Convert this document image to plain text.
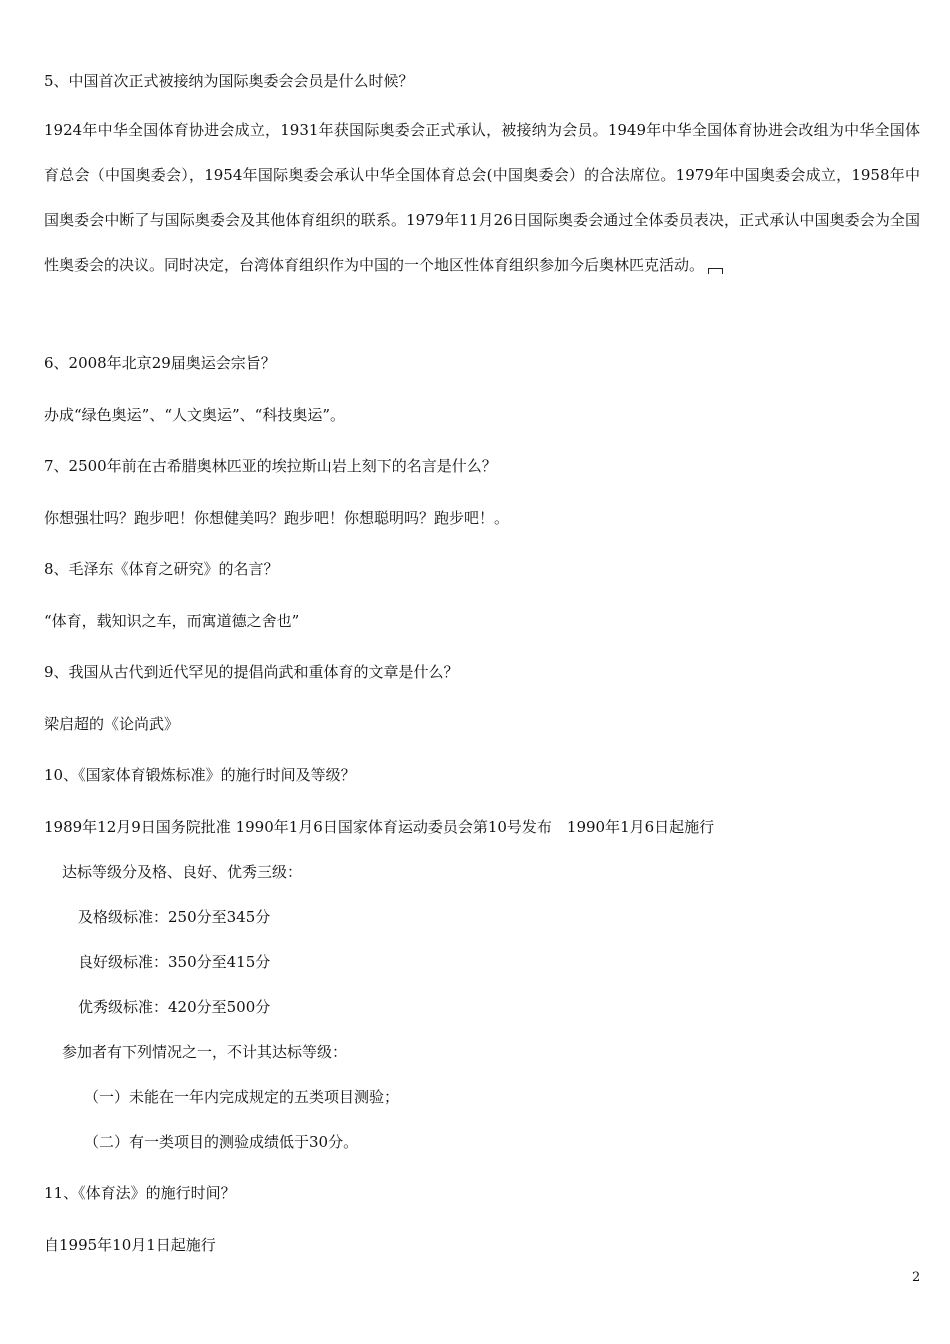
5、中国首次正式被接纳为国际奥委会会员是什么时候？

1924年中华全国体育协进会成立，1931年获国际奥委会正式承认，被接纳为会员。1949年中华全国体育协进会改组为中华全国体育总会（中国奥委会），1954年国际奥委会承认中华全国体育总会(中国奥委会）的合法席位。1979年中国奥委会成立，1958年中国奥委会中断了与国际奥委会及其他体育组织的联系。1979年11月26日国际奥委会通过全体委员表决，正式承认中国奥委会为全国性奥委会的决议。同时决定，台湾体育组织作为中国的一个地区性体育组织参加今后奥林匹克活动。

6、2008年北京29届奥运会宗旨？

办成“绿色奥运”、“人文奥运”、“科技奥运”。

7、2500年前在古希腊奥林匹亚的埃拉斯山岩上刻下的名言是什么？

你想强壮吗？跑步吧！你想健美吗？跑步吧！你想聪明吗？跑步吧！。

8、毛泽东《体育之研究》的名言？

“体育，载知识之车，而寓道德之舍也”

9、我国从古代到近代罕见的提倡尚武和重体育的文章是什么？

梁启超的《论尚武》

10、《国家体育锻炼标准》的施行时间及等级？

1989年12月9日国务院批准 1990年1月6日国家体育运动委员会第10号发布　1990年1月6日起施行

达标等级分及格、良好、优秀三级：

及格级标准：250分至345分

良好级标准：350分至415分

优秀级标准：420分至500分

参加者有下列情况之一，不计其达标等级：

（一）未能在一年内完成规定的五类项目测验；

（二）有一类项目的测验成绩低于30分。

11、《体育法》的施行时间？

自1995年10月1日起施行

2
